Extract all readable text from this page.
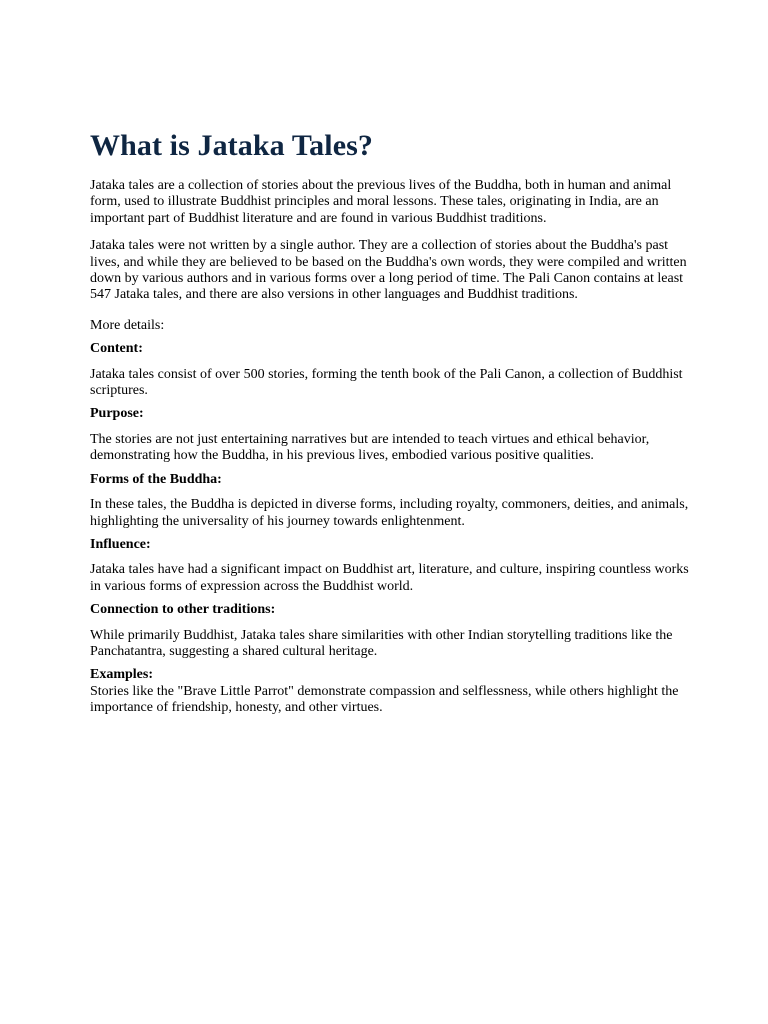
What is Jataka Tales?

Jataka tales are a collection of stories about the previous lives of the Buddha, both in human and animal form, used to illustrate Buddhist principles and moral lessons. These tales, originating in India, are an important part of Buddhist literature and are found in various Buddhist traditions.

Jataka tales were not written by a single author. They are a collection of stories about the Buddha's past lives, and while they are believed to be based on the Buddha's own words, they were compiled and written down by various authors and in various forms over a long period of time. The Pali Canon contains at least 547 Jataka tales, and there are also versions in other languages and Buddhist traditions.

More details:

Content:

Jataka tales consist of over 500 stories, forming the tenth book of the Pali Canon, a collection of Buddhist scriptures.

Purpose:

The stories are not just entertaining narratives but are intended to teach virtues and ethical behavior, demonstrating how the Buddha, in his previous lives, embodied various positive qualities.

Forms of the Buddha:

In these tales, the Buddha is depicted in diverse forms, including royalty, commoners, deities, and animals, highlighting the universality of his journey towards enlightenment.

Influence:

Jataka tales have had a significant impact on Buddhist art, literature, and culture, inspiring countless works in various forms of expression across the Buddhist world.

Connection to other traditions:

While primarily Buddhist, Jataka tales share similarities with other Indian storytelling traditions like the Panchatantra, suggesting a shared cultural heritage.

Examples:

Stories like the "Brave Little Parrot" demonstrate compassion and selflessness, while others highlight the importance of friendship, honesty, and other virtues.
